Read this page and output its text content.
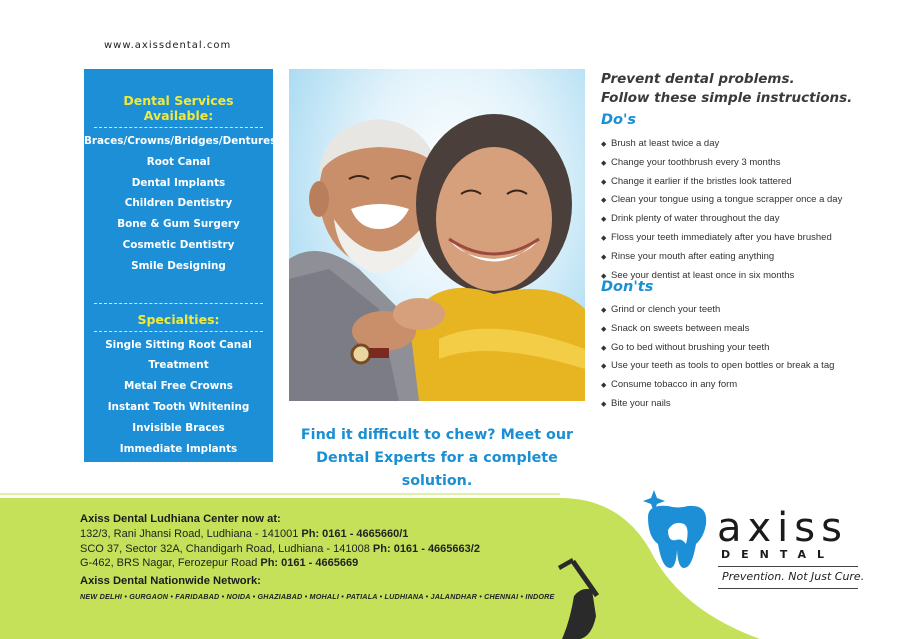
www.axissdental.com
Dental Services Available:
Braces/Crowns/Bridges/Dentures
Root Canal
Dental Implants
Children Dentistry
Bone & Gum Surgery
Cosmetic Dentistry
Smile Designing
Specialties:
Single Sitting Root Canal
Treatment
Metal Free Crowns
Instant Tooth Whitening
Invisible Braces
Immediate Implants
Instant Digital X-rays
Find it difficult to chew? Meet our
Dental Experts for a complete solution.
Prevent dental problems.
Follow these simple instructions.
Do's
◆ Brush at least twice a day
◆ Change your toothbrush every 3 months
◆ Change it earlier if the bristles look tattered
◆ Clean your tongue using a tongue scrapper once a day
◆ Drink plenty of water throughout the day
◆ Floss your teeth immediately after you have brushed
◆ Rinse your mouth after eating anything
◆ See your dentist at least once in six months
Don'ts
◆ Grind or clench your teeth
◆ Snack on sweets between meals
◆ Go to bed without brushing your teeth
◆ Use your teeth as tools to open bottles or break a tag
◆ Consume tobacco in any form
◆ Bite your nails
Axiss Dental Ludhiana Center now at:
132/3, Rani Jhansi Road, Ludhiana - 141001 Ph: 0161 - 4665660/1
SCO 37, Sector 32A, Chandigarh Road, Ludhiana - 141008 Ph: 0161 - 4665663/2
G-462, BRS Nagar, Ferozepur Road Ph: 0161 - 4665669
Axiss Dental Nationwide Network:
NEW DELHI • GURGAON • FARIDABAD • NOIDA • GHAZIABAD • MOHALI • PATIALA • LUDHIANA • JALANDHAR • CHENNAI • INDORE
axiss
DENTAL
Prevention. Not Just Cure.
